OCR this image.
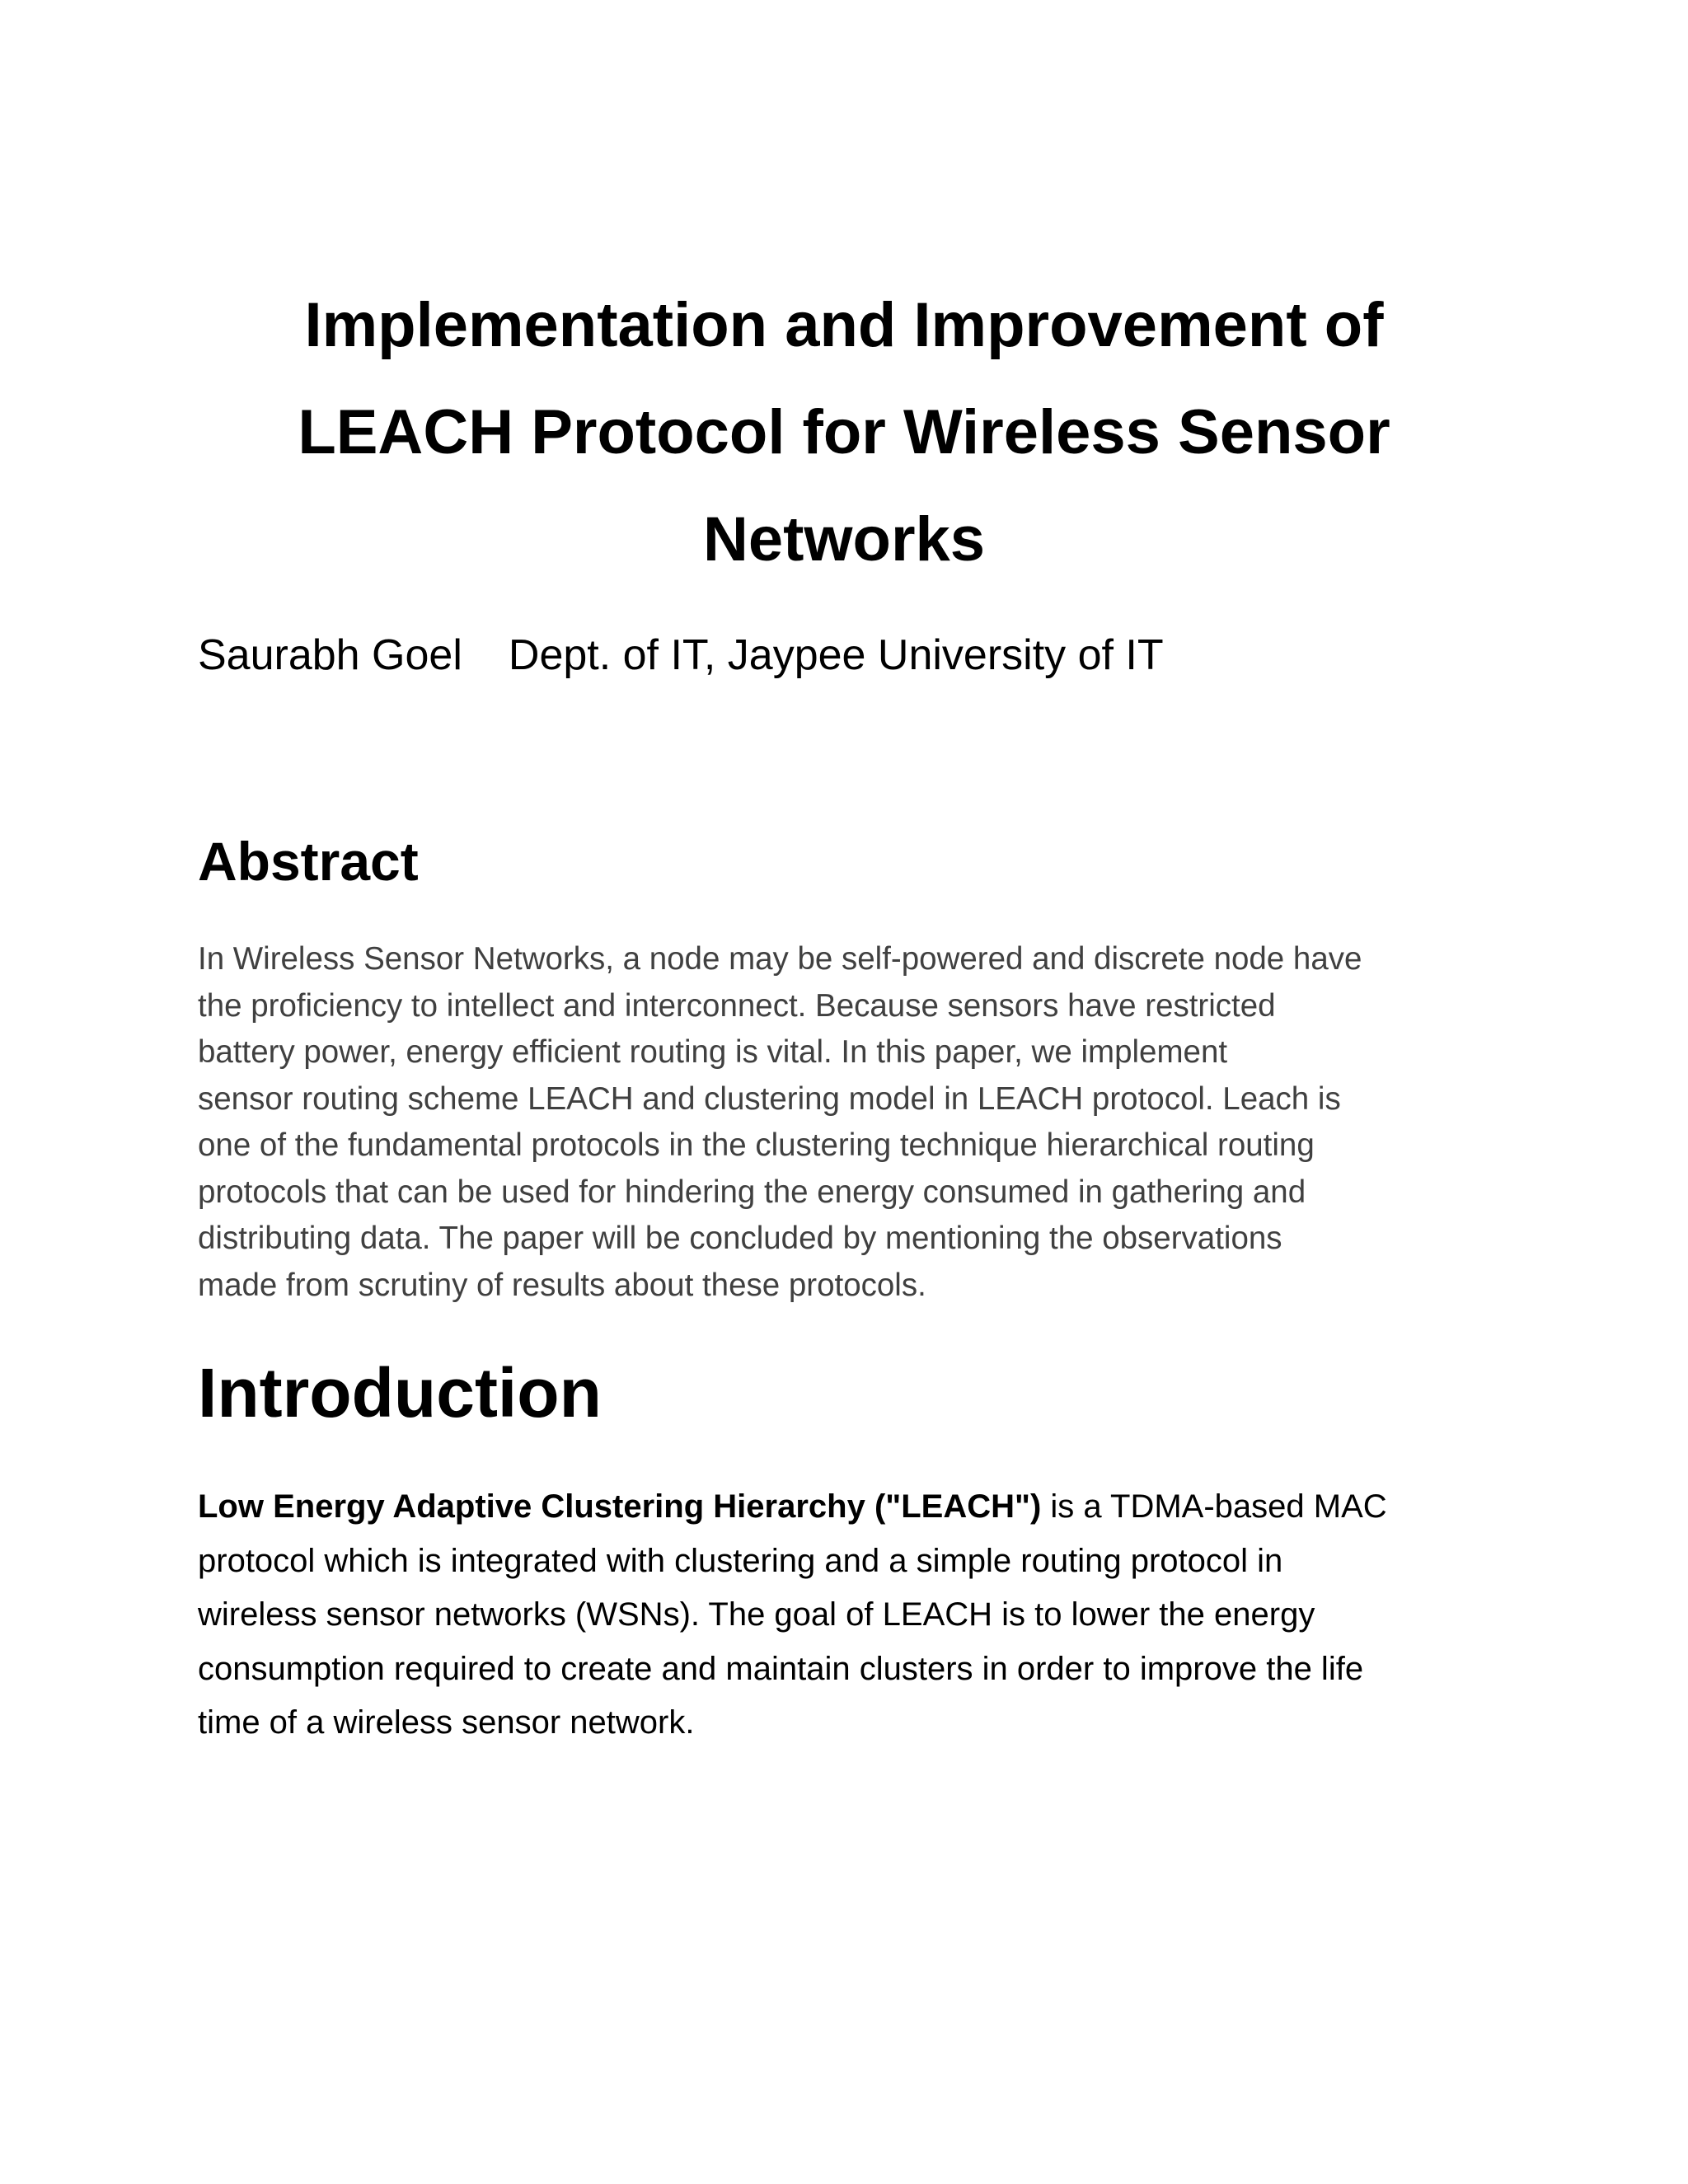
Implementation and Improvement of
LEACH Protocol for Wireless Sensor
Networks
Saurabh Goel Dept. of IT, Jaypee University of IT
Abstract

In Wireless Sensor Networks, a node may be self-powered and discrete node have
the proficiency to intellect and interconnect. Because sensors have restricted
battery power, energy efficient routing is vital. In this paper, we implement
sensor routing scheme LEACH and clustering model in LEACH protocol. Leach is
one of the fundamental protocols in the clustering technique hierarchical routing
protocols that can be used for hindering the energy consumed in gathering and
distributing data. The paper will be concluded by mentioning the observations
made from scrutiny of results about these protocols.

Introduction

Low Energy Adaptive Clustering Hierarchy ("LEACH") is a TDMA-based MAC
protocol which is integrated with clustering and a simple routing protocol in
wireless sensor networks (WSNs). The goal of LEACH is to lower the energy
consumption required to create and maintain clusters in order to improve the life
time of a wireless sensor network.
